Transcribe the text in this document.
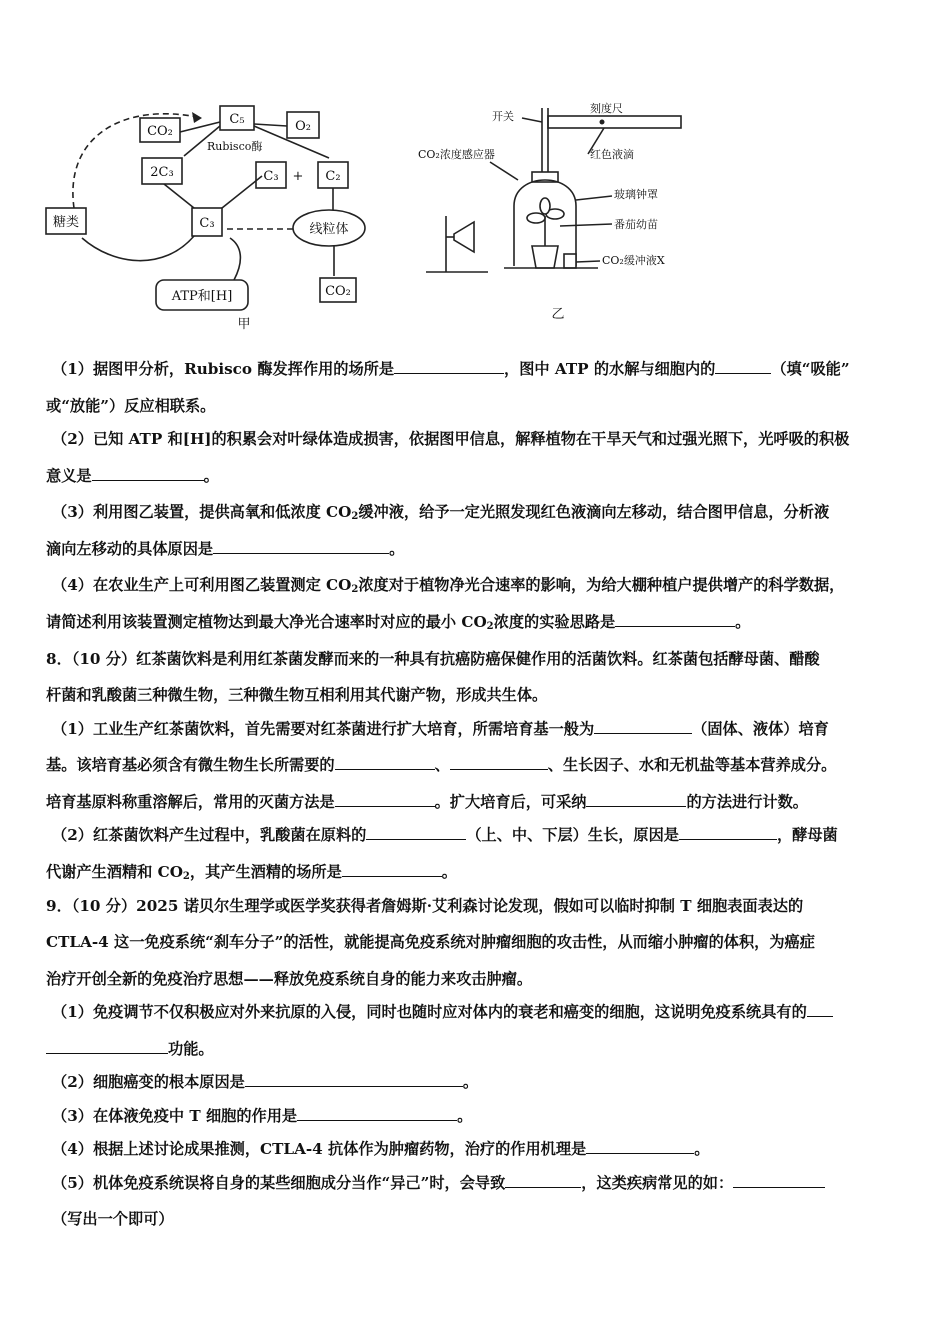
CO₂
C₅	O₂
Rubisco酶
2C₃	C₃ + C₂
C₃	线粒体
CO₂
糖类
ATP和[H]
甲
刻度尺
开关
红色液滴
CO₂浓度感应器
玻璃钟罩
番茄幼苗
CO₂缓冲液X
乙
（1）据图甲分析，Rubisco 酶发挥作用的场所是	，图中 ATP 的水解与细胞内的	（填“吸能”
或“放能”）反应相联系。
（2）已知 ATP 和[H]的积累会对叶绿体造成损害，依据图甲信息，解释植物在干旱天气和过强光照下，光呼吸的积极
意义是	。
（3）利用图乙装置，提供高氧和低浓度 $CO_2$缓冲液，给予一定光照发现红色液滴向左移动，结合图甲信息，分析液
滴向左移动的具体原因是	。
（4）在农业生产上可利用图乙装置测定 $CO_2$浓度对于植物净光合速率的影响，为给大棚种植户提供增产的科学数据，
请简述利用该装置测定植物达到最大净光合速率时对应的最小 $CO_2$浓度的实验思路是	。
8．（10 分）红茶菌饮料是利用红茶菌发酵而来的一种具有抗癌防癌保健作用的活菌饮料。红茶菌包括酵母菌、醋酸
杆菌和乳酸菌三种微生物，三种微生物互相利用其代谢产物，形成共生体。
（1）工业生产红茶菌饮料，首先需要对红茶菌进行扩大培育，所需培育基一般为	（固体、液体）培育
基。该培育基必须含有微生物生长所需要的	、	、生长因子、水和无机盐等基本营养成分。
培育基原料称重溶解后，常用的灭菌方法是	。扩大培育后，可采纳	的方法进行计数。
（2）红茶菌饮料产生过程中，乳酸菌在原料的	（上、中、下层）生长，原因是	，酵母菌
代谢产生酒精和 $CO_2$，其产生酒精的场所是	。
9．（10 分）2025 诺贝尔生理学或医学奖获得者詹姆斯·艾利森讨论发现，假如可以临时抑制 T 细胞表面表达的
CTLA-4 这一免疫系统“刹车分子”的活性，就能提高免疫系统对肿瘤细胞的攻击性，从而缩小肿瘤的体积，为癌症
治疗开创全新的免疫治疗思想——释放免疫系统自身的能力来攻击肿瘤。
（1）免疫调节不仅积极应对外来抗原的入侵，同时也随时应对体内的衰老和癌变的细胞，这说明免疫系统具有的
功能。
（2）细胞癌变的根本原因是	。
（3）在体液免疫中 T 细胞的作用是	。
（4）根据上述讨论成果推测，CTLA-4 抗体作为肿瘤药物，治疗的作用机理是	。
（5）机体免疫系统误将自身的某些细胞成分当作“异己”时，会导致	，这类疾病常见的如：
（写出一个即可）
